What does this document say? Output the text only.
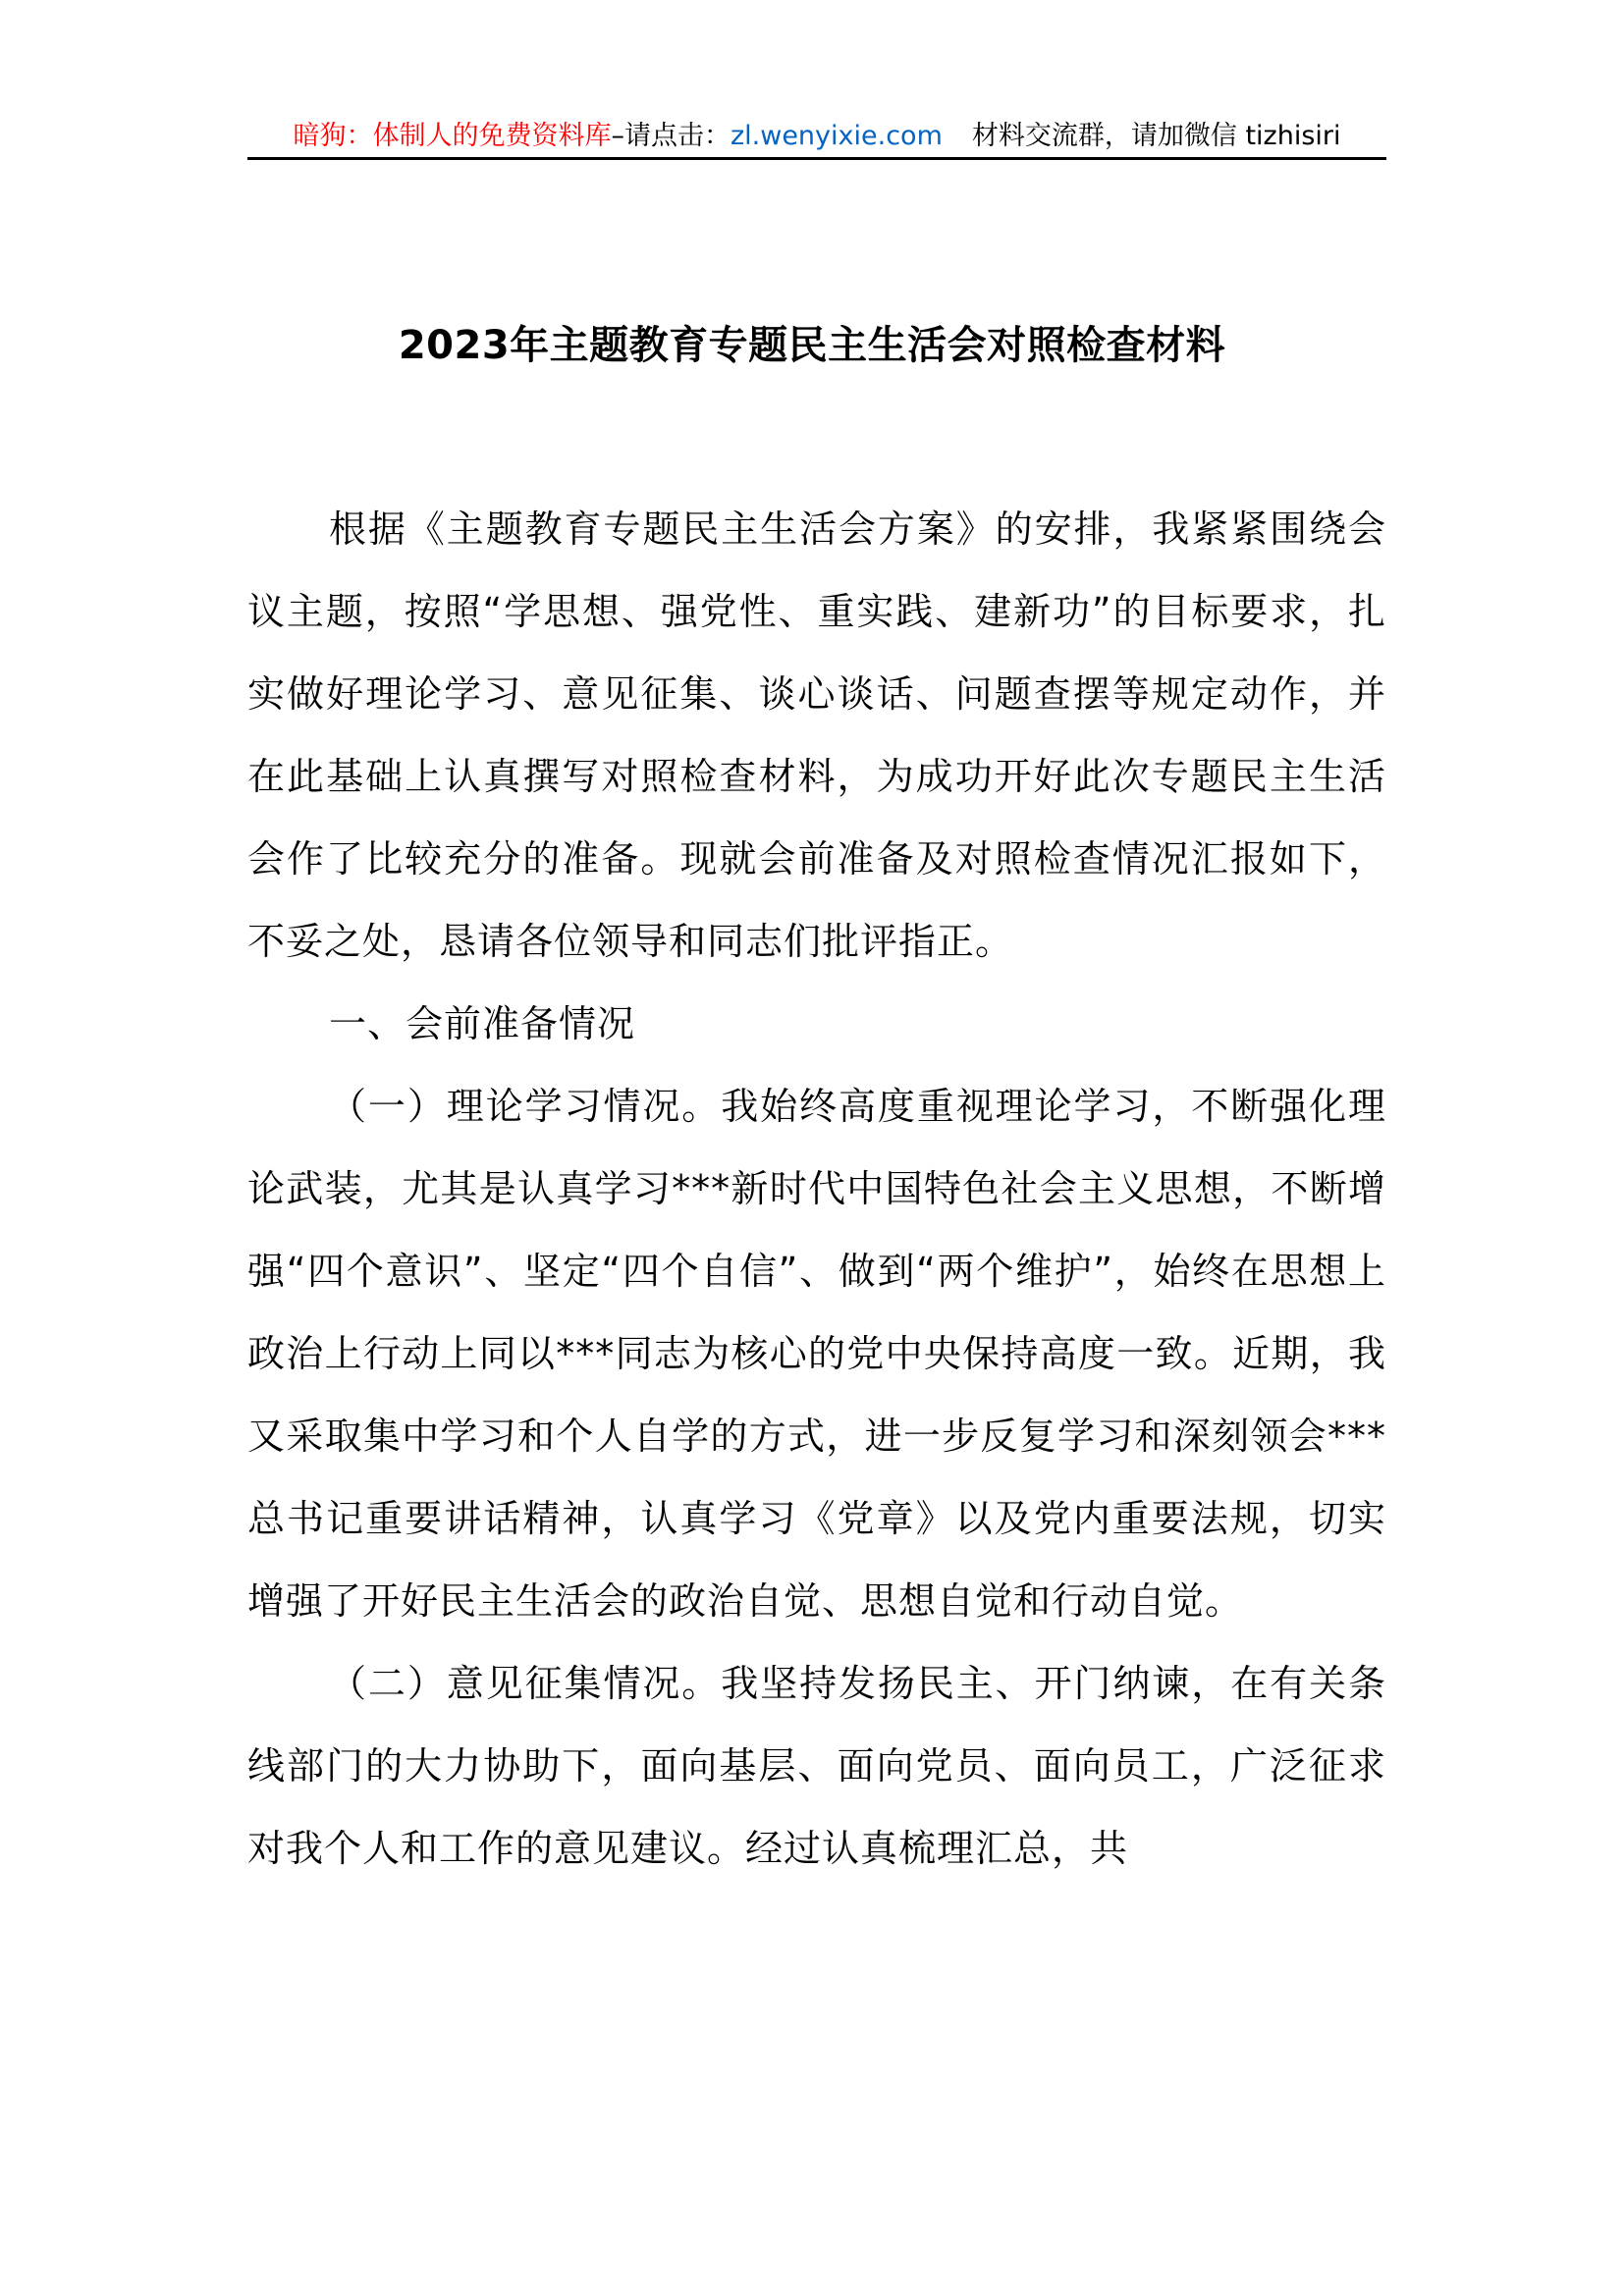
暗狗：体制人的免费资料库–请点击：zl.wenyixie.com 材料交流群，请加微信 tizhisiri
2023年主题教育专题民主生活会对照检查材料

根据《主题教育专题民主生活会方案》的安排，我紧紧围绕会议主题，按照“学思想、强党性、重实践、建新功”的目标要求，扎实做好理论学习、意见征集、谈心谈话、问题查摆等规定动作，并在此基础上认真撰写对照检查材料，为成功开好此次专题民主生活会作了比较充分的准备。现就会前准备及对照检查情况汇报如下，不妥之处，恳请各位领导和同志们批评指正。

一、会前准备情况

（一）理论学习情况。我始终高度重视理论学习，不断强化理论武装，尤其是认真学习***新时代中国特色社会主义思想，不断增强“四个意识”、坚定“四个自信”、做到“两个维护”，始终在思想上政治上行动上同以***同志为核心的党中央保持高度一致。近期，我又采取集中学习和个人自学的方式，进一步反复学习和深刻领会***总书记重要讲话精神，认真学习《党章》以及党内重要法规，切实增强了开好民主生活会的政治自觉、思想自觉和行动自觉。

（二）意见征集情况。我坚持发扬民主、开门纳谏，在有关条线部门的大力协助下，面向基层、面向党员、面向员工，广泛征求对我个人和工作的意见建议。经过认真梳理汇总，共
